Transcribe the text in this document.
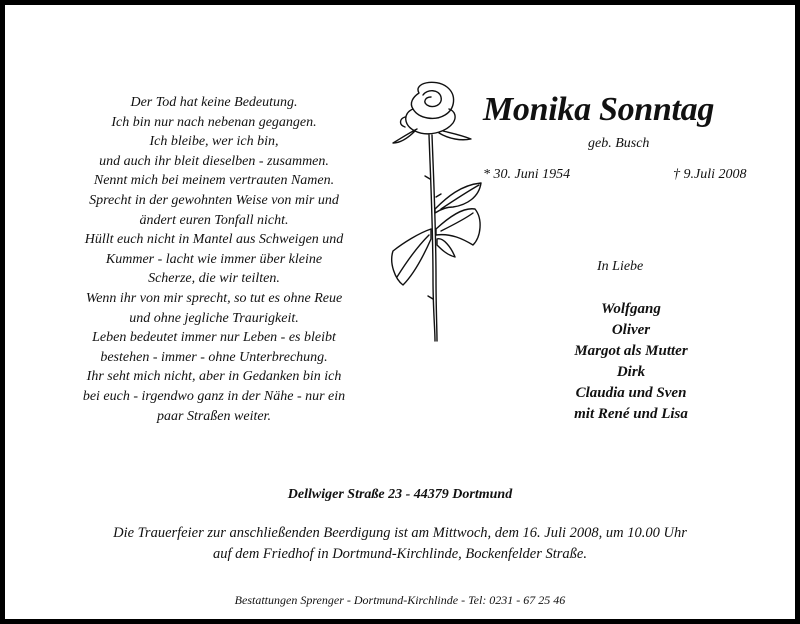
Der Tod hat keine Bedeutung.
Ich bin nur nach nebenan gegangen.
Ich bleibe, wer ich bin,
und auch ihr bleit dieselben - zusammen.
Nennt mich bei meinem vertrauten Namen.
Sprecht in der gewohnten Weise von mir und
ändert euren Tonfall nicht.
Hüllt euch nicht in Mantel aus Schweigen und
Kummer - lacht wie immer über kleine
Scherze, die wir teilten.
Wenn ihr von mir sprecht, so tut es ohne Reue
und ohne jegliche Traurigkeit.
Leben bedeutet immer nur Leben - es bleibt
bestehen - immer - ohne Unterbrechung.
Ihr seht mich nicht, aber in Gedanken bin ich
bei euch - irgendwo ganz in der Nähe - nur ein
paar Straßen weiter.
Monika Sonntag
geb. Busch
* 30. Juni 1954	† 9.Juli 2008
In Liebe
Wolfgang
Oliver
Margot als Mutter
Dirk
Claudia und Sven
mit René und Lisa
Dellwiger Straße 23 - 44379 Dortmund
Die Trauerfeier zur anschließenden Beerdigung ist am Mittwoch, dem 16. Juli 2008, um 10.00 Uhr
auf dem Friedhof in Dortmund-Kirchlinde, Bockenfelder Straße.
Bestattungen Sprenger - Dortmund-Kirchlinde - Tel: 0231 - 67 25 46
